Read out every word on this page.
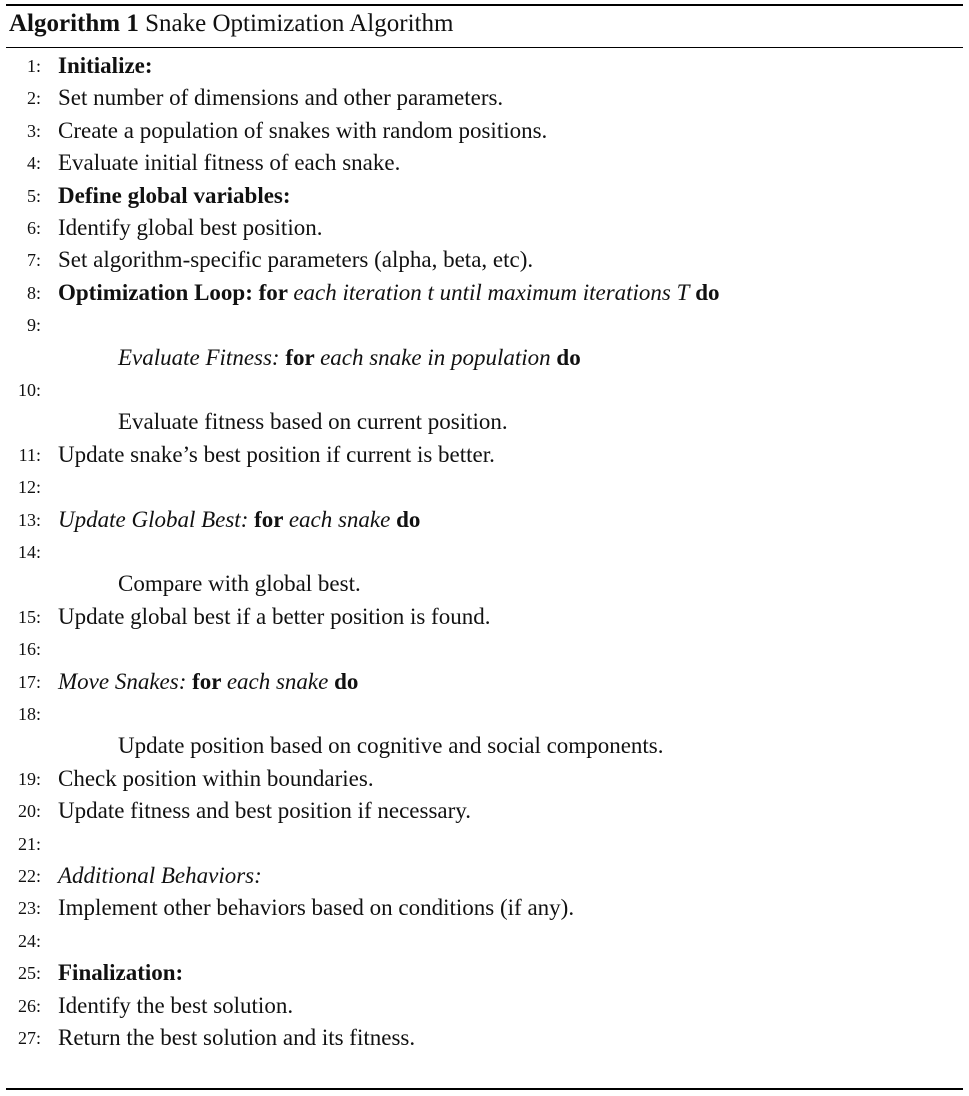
Algorithm 1 Snake Optimization Algorithm
1: Initialize:
2: Set number of dimensions and other parameters.
3: Create a population of snakes with random positions.
4: Evaluate initial fitness of each snake.
5: Define global variables:
6: Identify global best position.
7: Set algorithm-specific parameters (alpha, beta, etc).
8: Optimization Loop: for each iteration t until maximum iterations T do
9:
Evaluate Fitness: for each snake in population do
10:
Evaluate fitness based on current position.
11: Update snake’s best position if current is better.
12:
13: Update Global Best: for each snake do
14:
Compare with global best.
15: Update global best if a better position is found.
16:
17: Move Snakes: for each snake do
18:
Update position based on cognitive and social components.
19: Check position within boundaries.
20: Update fitness and best position if necessary.
21:
22: Additional Behaviors:
23: Implement other behaviors based on conditions (if any).
24:
25: Finalization:
26: Identify the best solution.
27: Return the best solution and its fitness.
